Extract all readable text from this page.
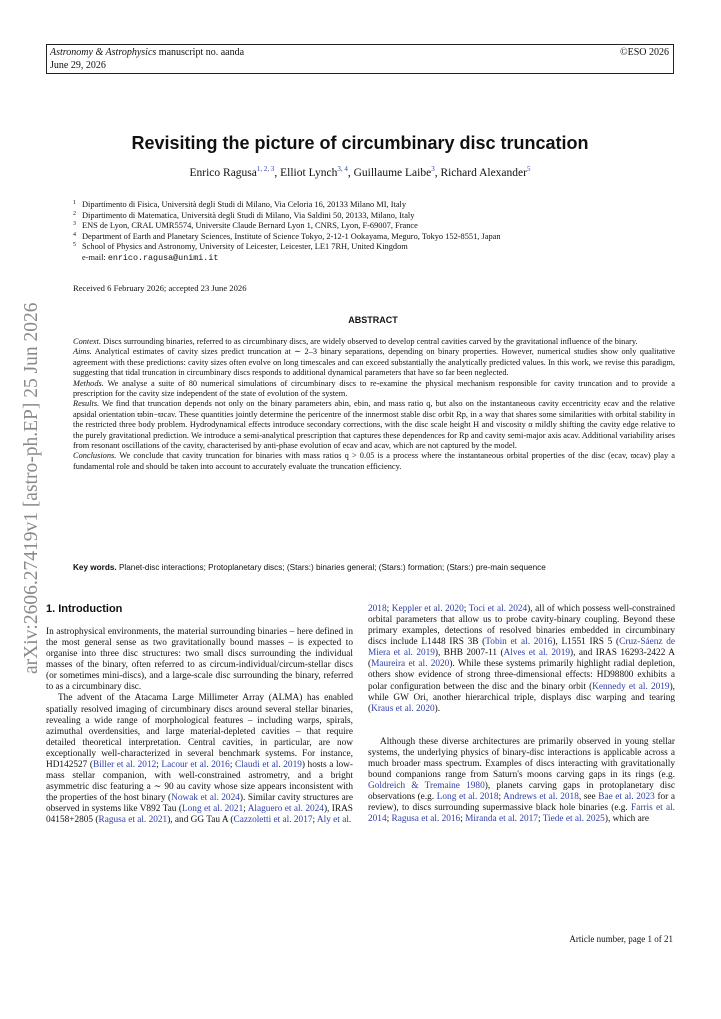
Astronomy & Astrophysics manuscript no. aanda
June 29, 2026
©ESO 2026
arXiv:2606.27419v1 [astro-ph.EP] 25 Jun 2026
Revisiting the picture of circumbinary disc truncation
Enrico Ragusa$^{1, 2, 3}$, Elliot Lynch$^{3, 4}$, Guillaume Laibe$^3$, Richard Alexander$^5$
1 Dipartimento di Fisica, Università degli Studi di Milano, Via Celoria 16, 20133 Milano MI, Italy
2 Dipartimento di Matematica, Università degli Studi di Milano, Via Saldini 50, 20133, Milano, Italy
3 ENS de Lyon, CRAL UMR5574, Universite Claude Bernard Lyon 1, CNRS, Lyon, F-69007, France
4 Department of Earth and Planetary Sciences, Institute of Science Tokyo, 2-12-1 Ookayama, Meguro, Tokyo 152-8551, Japan
5 School of Physics and Astronomy, University of Leicester, Leicester, LE1 7RH, United Kingdom
e-mail: enrico.ragusa@unimi.it
Received 6 February 2026; accepted 23 June 2026
ABSTRACT
Context. Discs surrounding binaries, referred to as circumbinary discs, are widely observed to develop central cavities carved by the gravitational influence of the binary.
Aims. Analytical estimates of cavity sizes predict truncation at ∼ 2–3 binary separations, depending on binary properties. However, numerical studies show only qualitative agreement with these predictions: cavity sizes often evolve on long timescales and can exceed substantially the analytically predicted values. In this work, we revise this paradigm, suggesting that tidal truncation in circumbinary discs responds to additional dynamical parameters that have so far been neglected.
Methods. We analyse a suite of 80 numerical simulations of circumbinary discs to re-examine the physical mechanism responsible for cavity truncation and to provide a prescription for the cavity size independent of the state of evolution of the system.
Results. We find that truncation depends not only on the binary parameters abin, ebin, and mass ratio q, but also on the instantaneous cavity eccentricity ecav and the relative apsidal orientation ϖbin−ϖcav. These quantities jointly determine the pericentre of the innermost stable disc orbit Rp, in a way that shares some similarities with orbital stability in the restricted three body problem. Hydrodynamical effects introduce secondary corrections, with the disc scale height H and viscosity α mildly shifting the cavity edge relative to the purely gravitational prediction. We introduce a semi-analytical prescription that captures these dependences for Rp and cavity semi-major axis acav. Additional variability arises from resonant oscillations of the cavity, characterised by anti-phase evolution of ecav and acav, which are not captured by the model.
Conclusions. We conclude that cavity truncation for binaries with mass ratios q > 0.05 is a process where the instantaneous orbital properties of the disc (ecav, ϖcav) play a fundamental role and should be taken into account to accurately evaluate the truncation efficiency.
Key words. Planet-disc interactions; Protoplanetary discs; (Stars:) binaries general; (Stars:) formation; (Stars:) pre-main sequence
1. Introduction

In astrophysical environments, the material surrounding binaries – here defined in the most general sense as two gravitationally bound masses – is expected to organise into three disc structures: two small discs surrounding the individual masses of the binary, often referred to as circum-individual/circum-stellar discs (or sometimes mini-discs), and a large-scale disc surrounding the binary, referred to as a circumbinary disc.

The advent of the Atacama Large Millimeter Array (ALMA) has enabled spatially resolved imaging of circumbinary discs around several stellar binaries, revealing a wide range of morphological features – including warps, spirals, azimuthal overdensities, and large material-depleted cavities – that require detailed theoretical interpretation. Central cavities, in particular, are now exceptionally well-characterized in several benchmark systems. For instance, HD142527 (Biller et al. 2012; Lacour et al. 2016; Claudi et al. 2019) hosts a low-mass stellar companion, with well-constrained astrometry, and a bright asymmetric disc featuring a ∼ 90 au cavity whose size appears inconsistent with the properties of the host binary (Nowak et al. 2024). Similar cavity structures are observed in systems like V892 Tau (Long et al. 2021; Alaguero et al. 2024), IRAS 04158+2805 (Ragusa et al. 2021), and GG Tau A (Cazzoletti et al. 2017; Aly et al.

2018; Keppler et al. 2020; Toci et al. 2024), all of which possess well-constrained orbital parameters that allow us to probe cavity-binary coupling. Beyond these primary examples, detections of resolved binaries embedded in circumbinary discs include L1448 IRS 3B (Tobin et al. 2016), L1551 IRS 5 (Cruz-Sáenz de Miera et al. 2019), BHB 2007-11 (Alves et al. 2019), and IRAS 16293-2422 A (Maureira et al. 2020). While these systems primarily highlight radial depletion, others show evidence of strong three-dimensional effects: HD98800 exhibits a polar configuration between the disc and the binary orbit (Kennedy et al. 2019), while GW Ori, another hierarchical triple, displays disc warping and tearing (Kraus et al. 2020).

Although these diverse architectures are primarily observed in young stellar systems, the underlying physics of binary-disc interactions is applicable across a much broader mass spectrum. Examples of discs interacting with gravitationally bound companions range from Saturn's moons carving gaps in its rings (e.g. Goldreich & Tremaine 1980), planets carving gaps in protoplanetary disc observations (e.g. Long et al. 2018; Andrews et al. 2018, see Bae et al. 2023 for a review), to discs surrounding supermassive black hole binaries (e.g. Farris et al. 2014; Ragusa et al. 2016; Miranda et al. 2017; Tiede et al. 2025), which are

Article number, page 1 of 21
